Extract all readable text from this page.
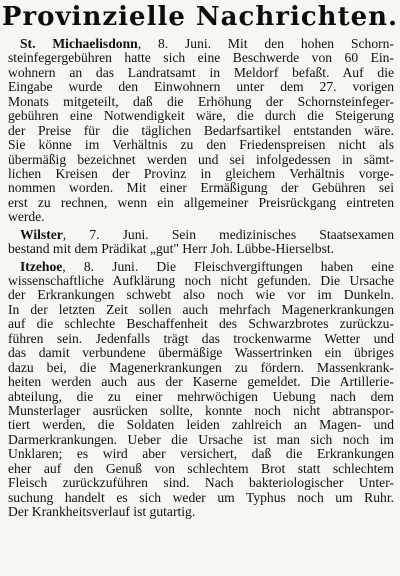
Provinzielle Nachrichten.
St. Michaelisdonn, 8. Juni. Mit den hohen Schorn-
steinfegergebühren hatte sich eine Beschwerde von 60 Ein-
wohnern an das Landratsamt in Meldorf befaßt. Auf die
Eingabe wurde den Einwohnern unter dem 27. vorigen
Monats mitgeteilt, daß die Erhöhung der Schornsteinfeger-
gebühren eine Notwendigkeit wäre, die durch die Steigerung
der Preise für die täglichen Bedarfsartikel entstanden wäre.
Sie könne im Verhältnis zu den Friedenspreisen nicht als
übermäßig bezeichnet werden und sei infolgedessen in sämt-
lichen Kreisen der Provinz in gleichem Verhältnis vorge-
nommen worden. Mit einer Ermäßigung der Gebühren sei
erst zu rechnen, wenn ein allgemeiner Preisrückgang eintreten
werde.
Wilster, 7. Juni. Sein medizinisches Staatsexamen
bestand mit dem Prädikat „gut" Herr Joh. Lübbe-Hierselbst.
Itzehoe, 8. Juni. Die Fleischvergiftungen haben eine
wissenschaftliche Aufklärung noch nicht gefunden. Die Ursache
der Erkrankungen schwebt also noch wie vor im Dunkeln.
In der letzten Zeit sollen auch mehrfach Magenerkrankungen
auf die schlechte Beschaffenheit des Schwarzbrotes zurückzu-
führen sein. Jedenfalls trägt das trockenwarme Wetter und
das damit verbundene übermäßige Wassertrinken ein übriges
dazu bei, die Magenerkrankungen zu fördern. Massenkrank-
heiten werden auch aus der Kaserne gemeldet. Die Artillerie-
abteilung, die zu einer mehrwöchigen Uebung nach dem
Munsterlager ausrücken sollte, konnte noch nicht abtranspor-
tiert werden, die Soldaten leiden zahlreich an Magen- und
Darmerkrankungen. Ueber die Ursache ist man sich noch im
Unklaren; es wird aber versichert, daß die Erkrankungen
eher auf den Genuß von schlechtem Brot statt schlechtem
Fleisch zurückzuführen sind. Nach bakteriologischer Unter-
suchung handelt es sich weder um Typhus noch um Ruhr.
Der Krankheitsverlauf ist gutartig.
